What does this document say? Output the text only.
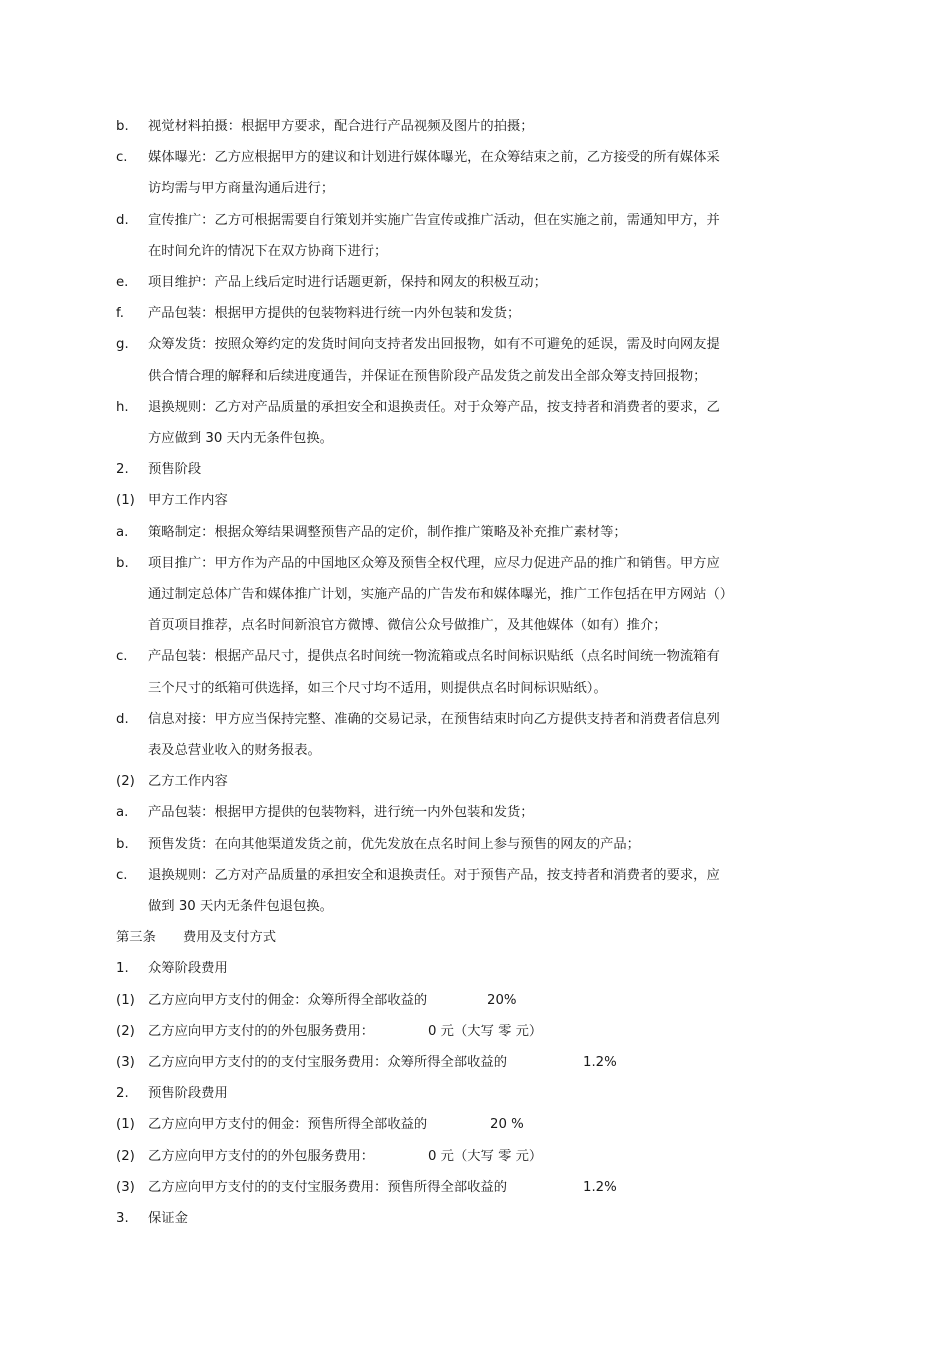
b. 视觉材料拍摄：根据甲方要求，配合进行产品视频及图片的拍摄；
c. 媒体曝光：乙方应根据甲方的建议和计划进行媒体曝光，在众筹结束之前，乙方接受的所有媒体采
访均需与甲方商量沟通后进行；
d. 宣传推广：乙方可根据需要自行策划并实施广告宣传或推广活动，但在实施之前，需通知甲方，并
在时间允许的情况下在双方协商下进行；
e. 项目维护：产品上线后定时进行话题更新，保持和网友的积极互动；
f. 产品包装：根据甲方提供的包装物料进行统一内外包装和发货；
g. 众筹发货：按照众筹约定的发货时间向支持者发出回报物，如有不可避免的延误，需及时向网友提
供合情合理的解释和后续进度通告，并保证在预售阶段产品发货之前发出全部众筹支持回报物；
h. 退换规则：乙方对产品质量的承担安全和退换责任。对于众筹产品，按支持者和消费者的要求，乙
方应做到 30 天内无条件包换。
2. 预售阶段
(1) 甲方工作内容
a. 策略制定：根据众筹结果调整预售产品的定价，制作推广策略及补充推广素材等；
b. 项目推广：甲方作为产品的中国地区众筹及预售全权代理，应尽力促进产品的推广和销售。甲方应
通过制定总体广告和媒体推广计划，实施产品的广告发布和媒体曝光，推广工作包括在甲方网站（）
首页项目推荐，点名时间新浪官方微博、微信公众号做推广，及其他媒体（如有）推介；
c. 产品包装：根据产品尺寸，提供点名时间统一物流箱或点名时间标识贴纸（点名时间统一物流箱有
三个尺寸的纸箱可供选择，如三个尺寸均不适用，则提供点名时间标识贴纸）。
d. 信息对接：甲方应当保持完整、准确的交易记录，在预售结束时向乙方提供支持者和消费者信息列
表及总营业收入的财务报表。
(2) 乙方工作内容
a. 产品包装：根据甲方提供的包装物料，进行统一内外包装和发货；
b. 预售发货：在向其他渠道发货之前，优先发放在点名时间上参与预售的网友的产品；
c. 退换规则：乙方对产品质量的承担安全和退换责任。对于预售产品，按支持者和消费者的要求，应
做到 30 天内无条件包退包换。
第三条 费用及支付方式
1. 众筹阶段费用
(1) 乙方应向甲方支付的佣金：众筹所得全部收益的	20%
(2) 乙方应向甲方支付的的外包服务费用：	0 元（大写 零 元）
(3) 乙方应向甲方支付的的支付宝服务费用：众筹所得全部收益的	1.2%
2. 预售阶段费用
(1) 乙方应向甲方支付的佣金：预售所得全部收益的	20 %
(2) 乙方应向甲方支付的的外包服务费用：	0 元（大写 零 元）
(3) 乙方应向甲方支付的的支付宝服务费用：预售所得全部收益的	1.2%
3. 保证金
